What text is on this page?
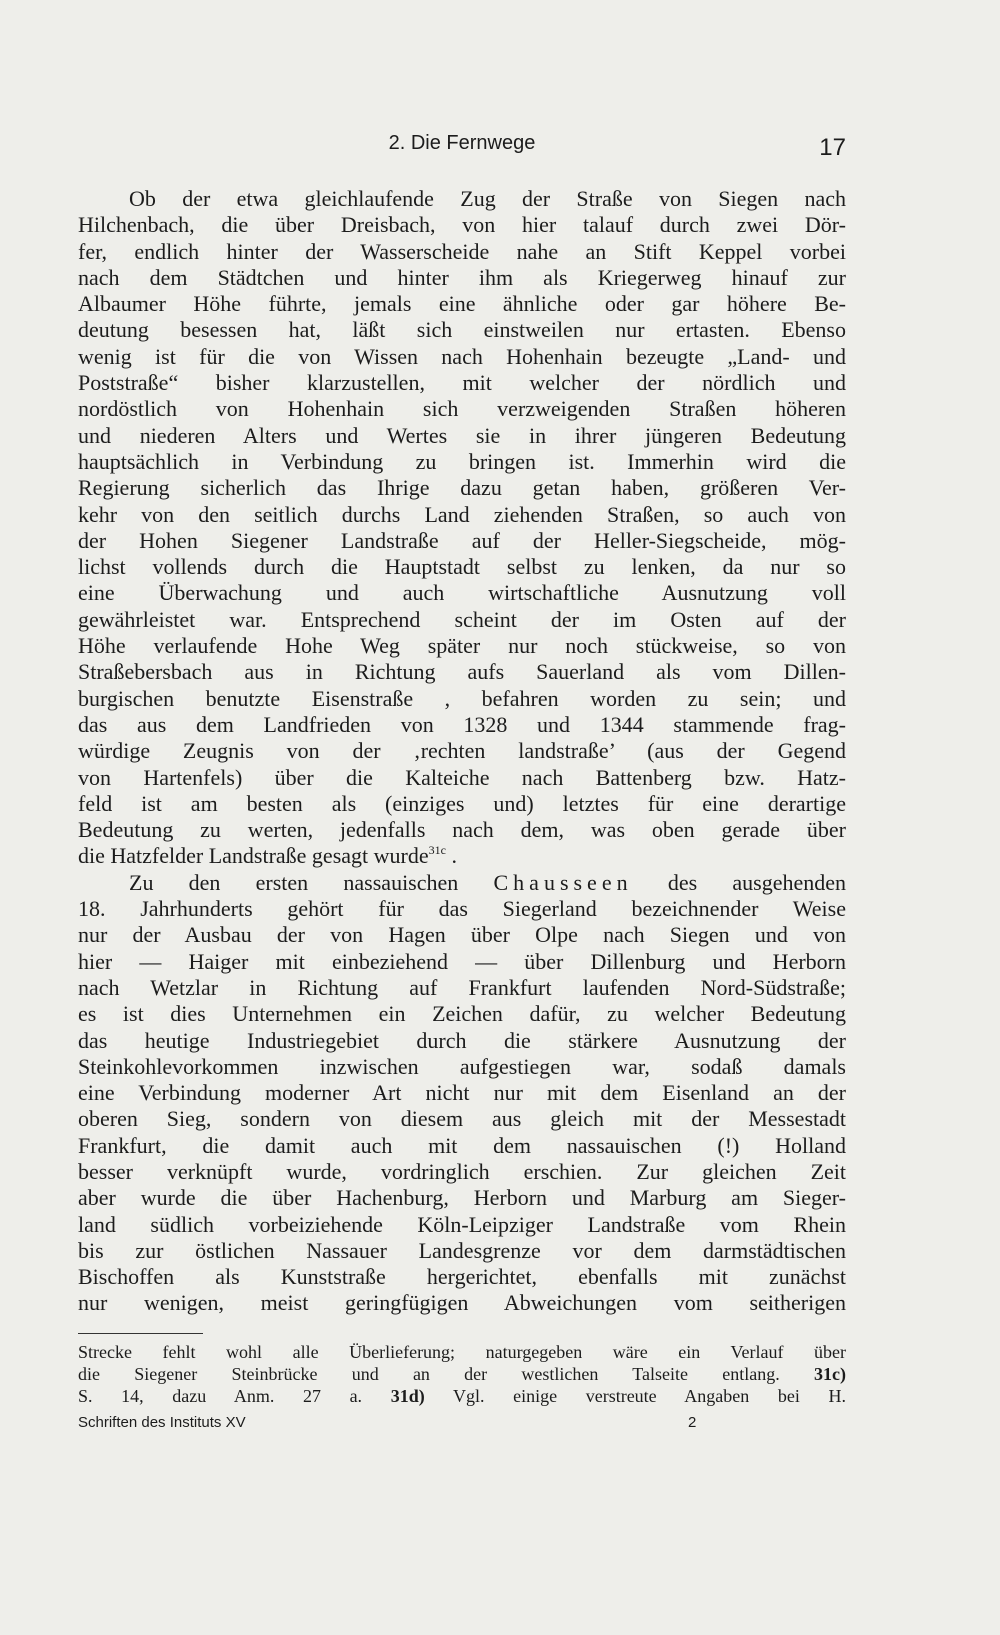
2. Die Fernwege	17
Ob der etwa gleichlaufende Zug der Straße von Siegen nach
Hilchenbach, die über Dreisbach, von hier talauf durch zwei Dör-
fer, endlich hinter der Wasserscheide nahe an Stift Keppel vorbei
nach dem Städtchen und hinter ihm als Kriegerweg hinauf zur
Albaumer Höhe führte, jemals eine ähnliche oder gar höhere Be-
deutung besessen hat, läßt sich einstweilen nur ertasten. Ebenso
wenig ist für die von Wissen nach Hohenhain bezeugte „Land- und
Poststraße“ bisher klarzustellen, mit welcher der nördlich und
nordöstlich von Hohenhain sich verzweigenden Straßen höheren
und niederen Alters und Wertes sie in ihrer jüngeren Bedeutung
hauptsächlich in Verbindung zu bringen ist. Immerhin wird die
Regierung sicherlich das Ihrige dazu getan haben, größeren Ver-
kehr von den seitlich durchs Land ziehenden Straßen, so auch von
der Hohen Siegener Landstraße auf der Heller-Siegscheide, mög-
lichst vollends durch die Hauptstadt selbst zu lenken, da nur so
eine Überwachung und auch wirtschaftliche Ausnutzung voll
gewährleistet war. Entsprechend scheint der im Osten auf der
Höhe verlaufende Hohe Weg später nur noch stückweise, so von
Straßebersbach aus in Richtung aufs Sauerland als vom Dillen-
burgischen benutzte Eisenstraße , befahren worden zu sein; und
das aus dem Landfrieden von 1328 und 1344 stammende frag-
würdige Zeugnis von der ‚rechten landstraße’ (aus der Gegend
von Hartenfels) über die Kalteiche nach Battenberg bzw. Hatz-
feld ist am besten als (einziges und) letztes für eine derartige
Bedeutung zu werten, jedenfalls nach dem, was oben gerade über
die Hatzfelder Landstraße gesagt wurde$^{31c}$ .
Zu den ersten nassauischen Chausseen des ausgehenden
18. Jahrhunderts gehört für das Siegerland bezeichnender Weise
nur der Ausbau der von Hagen über Olpe nach Siegen und von
hier — Haiger mit einbeziehend — über Dillenburg und Herborn
nach Wetzlar in Richtung auf Frankfurt laufenden Nord-Südstraße;
es ist dies Unternehmen ein Zeichen dafür, zu welcher Bedeutung
das heutige Industriegebiet durch die stärkere Ausnutzung der
Steinkohlevorkommen inzwischen aufgestiegen war, sodaß damals
eine Verbindung moderner Art nicht nur mit dem Eisenland an der
oberen Sieg, sondern von diesem aus gleich mit der Messestadt
Frankfurt, die damit auch mit dem nassauischen (!) Holland
besser verknüpft wurde, vordringlich erschien. Zur gleichen Zeit
aber wurde die über Hachenburg, Herborn und Marburg am Sieger-
land südlich vorbeiziehende Köln-Leipziger Landstraße vom Rhein
bis zur östlichen Nassauer Landesgrenze vor dem darmstädtischen
Bischoffen als Kunststraße hergerichtet, ebenfalls mit zunächst
nur wenigen, meist geringfügigen Abweichungen vom seitherigen
Strecke fehlt wohl alle Überlieferung; naturgegeben wäre ein Verlauf über
die Siegener Steinbrücke und an der westlichen Talseite entlang. 31c)
S. 14, dazu Anm. 27 a. 31d) Vgl. einige verstreute Angaben bei H.
Schriften des Instituts XV	2
